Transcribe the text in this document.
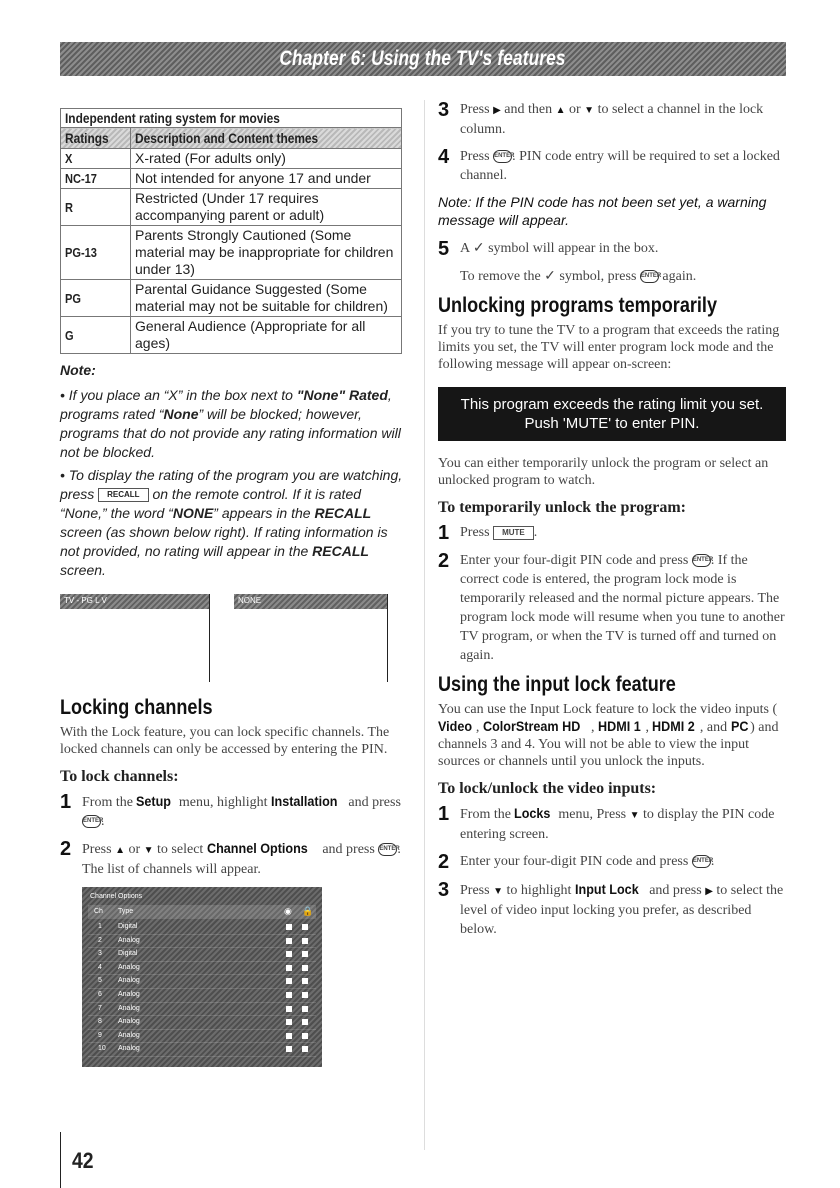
Chapter 6: Using the TV's features
Independent rating system for movies	
Ratings	Description and Content themes
X	X-rated (For adults only)
NC-17	Not intended for anyone 17 and under
R	Restricted (Under 17 requires accompanying parent or adult)
PG-13	Parents Strongly Cautioned (Some material may be inappropriate for children under 13)
PG	Parental Guidance Suggested (Some material may not be suitable for children)
G	General Audience (Appropriate for all ages)
Note:
• If you place an “X” in the box next to "None" Rated, programs rated “None” will be blocked; however, programs that do not provide any rating information will not be blocked.
• To display the rating of the program you are watching, press RECALL on the remote control. If it is rated “None,” the word “NONE” appears in the RECALL screen (as shown below right). If rating information is not provided, no rating will appear in the RECALL screen.
TV - PG L V	NONE
Locking channels

With the Lock feature, you can lock specific channels. The locked channels can only be accessed by entering the PIN.

To lock channels:
1 From the Setup menu, highlight Installation and press ENTER.
2 Press ▲ or ▼ to select Channel Options and press ENTER. The list of channels will appear.
Channel Options
Ch Type	◉ 🔒
1 Digital
2 Analog
3 Digital
4 Analog
5 Analog
6 Analog
7 Analog
8 Analog
9 Analog
10 Analog
3 Press ▶ and then ▲ or ▼ to select a channel in the lock column.
4 Press ENTER. PIN code entry will be required to set a locked channel.
Note: If the PIN code has not been set yet, a warning message will appear.
5 A ✓ symbol will appear in the box.
To remove the ✓ symbol, press ENTER again.
Unlocking programs temporarily

If you try to tune the TV to a program that exceeds the rating limits you set, the TV will enter program lock mode and the following message will appear on-screen:

This program exceeds the rating limit you set.
Push 'MUTE' to enter PIN.

You can either temporarily unlock the program or select an unlocked program to watch.

To temporarily unlock the program:
1 Press MUTE .
2 Enter your four-digit PIN code and press ENTER. If the correct code is entered, the program lock mode is temporarily released and the normal picture appears. The program lock mode will resume when you tune to another TV program, or when the TV is turned off and turned on again.
Using the input lock feature

You can use the Input Lock feature to lock the video inputs (Video , ColorStream HD , HDMI 1 , HDMI 2 , and PC ) and channels 3 and 4. You will not be able to view the input sources or channels until you unlock the inputs.

To lock/unlock the video inputs:
1 From the Locks menu, Press ▼ to display the PIN code entering screen.
2 Enter your four-digit PIN code and press ENTER.
3 Press ▼ to highlight Input Lock and press ▶ to select the level of video input locking you prefer, as described below.
42
